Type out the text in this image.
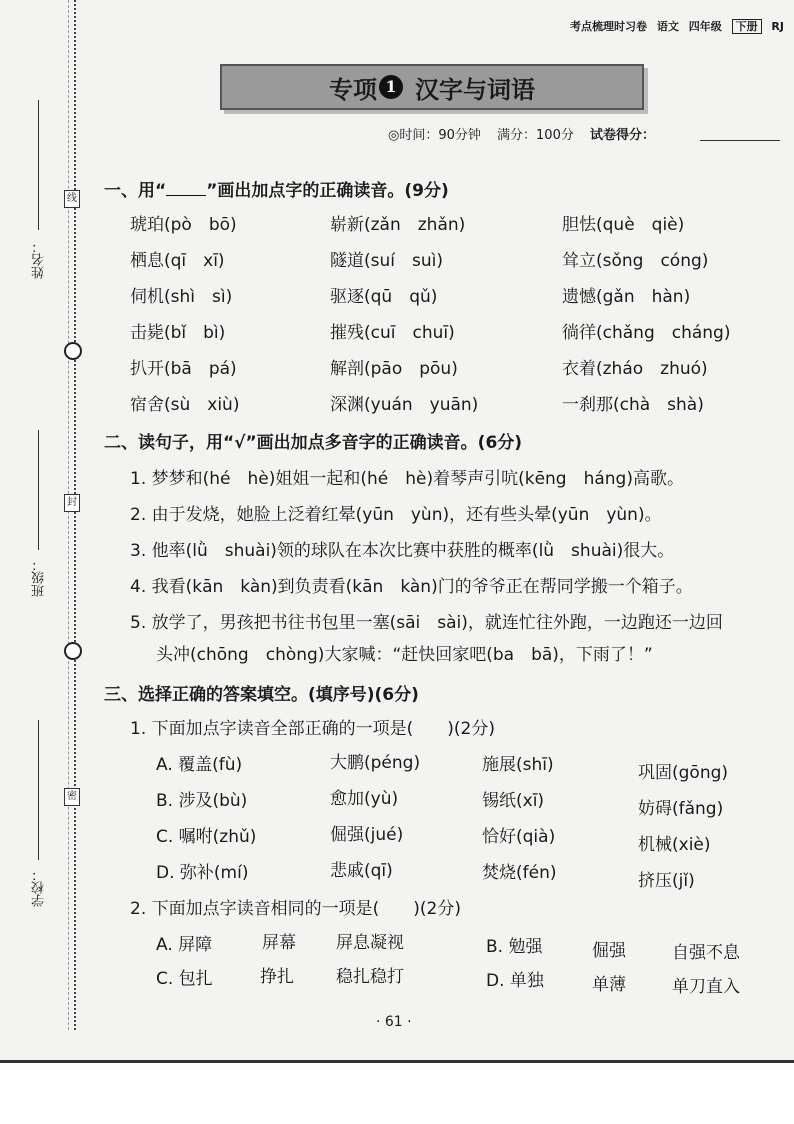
考点梳理时习卷 语文 四年级 下册 RJ
姓名：
班级：
学校：
线
封
密
专项 1 汉字与词语
◎时间：90分钟 满分：100分 试卷得分：
一、用“ ”画出加点字的正确读音。(9分)
琥珀(pò　bō)	崭新(zǎn　zhǎn)	胆怯(què　qiè)
栖息(qī　xī)	隧道(suí　suì)	耸立(sǒng　cóng)
伺机(shì　sì)	驱逐(qū　qǔ)	遗憾(gǎn　hàn)
击毙(bǐ　bì)	摧残(cuī　chuī)	徜徉(chǎng　cháng)
扒开(bā　pá)	解剖(pāo　pōu)	衣着(zháo　zhuó)
宿舍(sù　xiù)	深渊(yuán　yuān)	一刹那(chà　shà)
二、读句子，用“√”画出加点多音字的正确读音。(6分)
1. 梦梦和(hé　hè)姐姐一起和(hé　hè)着琴声引吭(kēng　háng)高歌。
2. 由于发烧，她脸上泛着红晕(yūn　yùn)，还有些头晕(yūn　yùn)。
3. 他率(lǜ　shuài)领的球队在本次比赛中获胜的概率(lǜ　shuài)很大。
4. 我看(kān　kàn)到负责看(kān　kàn)门的爷爷正在帮同学搬一个箱子。
5. 放学了，男孩把书往书包里一塞(sāi　sài)，就连忙往外跑，一边跑还一边回
头冲(chōng　chòng)大家喊：“赶快回家吧(ba　bā)，下雨了！”
三、选择正确的答案填空。(填序号)(6分)
1. 下面加点字读音全部正确的一项是(　　)(2分)
A. 覆盖(fù)	大鹏(péng)	施展(shī)	巩固(gōng)
B. 涉及(bù)	愈加(yù)	锡纸(xī)	妨碍(fǎng)
C. 嘱咐(zhǔ)	倔强(jué)	恰好(qià)	机械(xiè)
D. 弥补(mí)	悲戚(qī)	焚烧(fén)	挤压(jǐ)
2. 下面加点字读音相同的一项是(　　)(2分)
A. 屏障	屏幕 屏息凝视	B. 勉强	倔强	自强不息
C. 包扎	挣扎 稳扎稳打	D. 单独	单薄	单刀直入
· 61 ·
